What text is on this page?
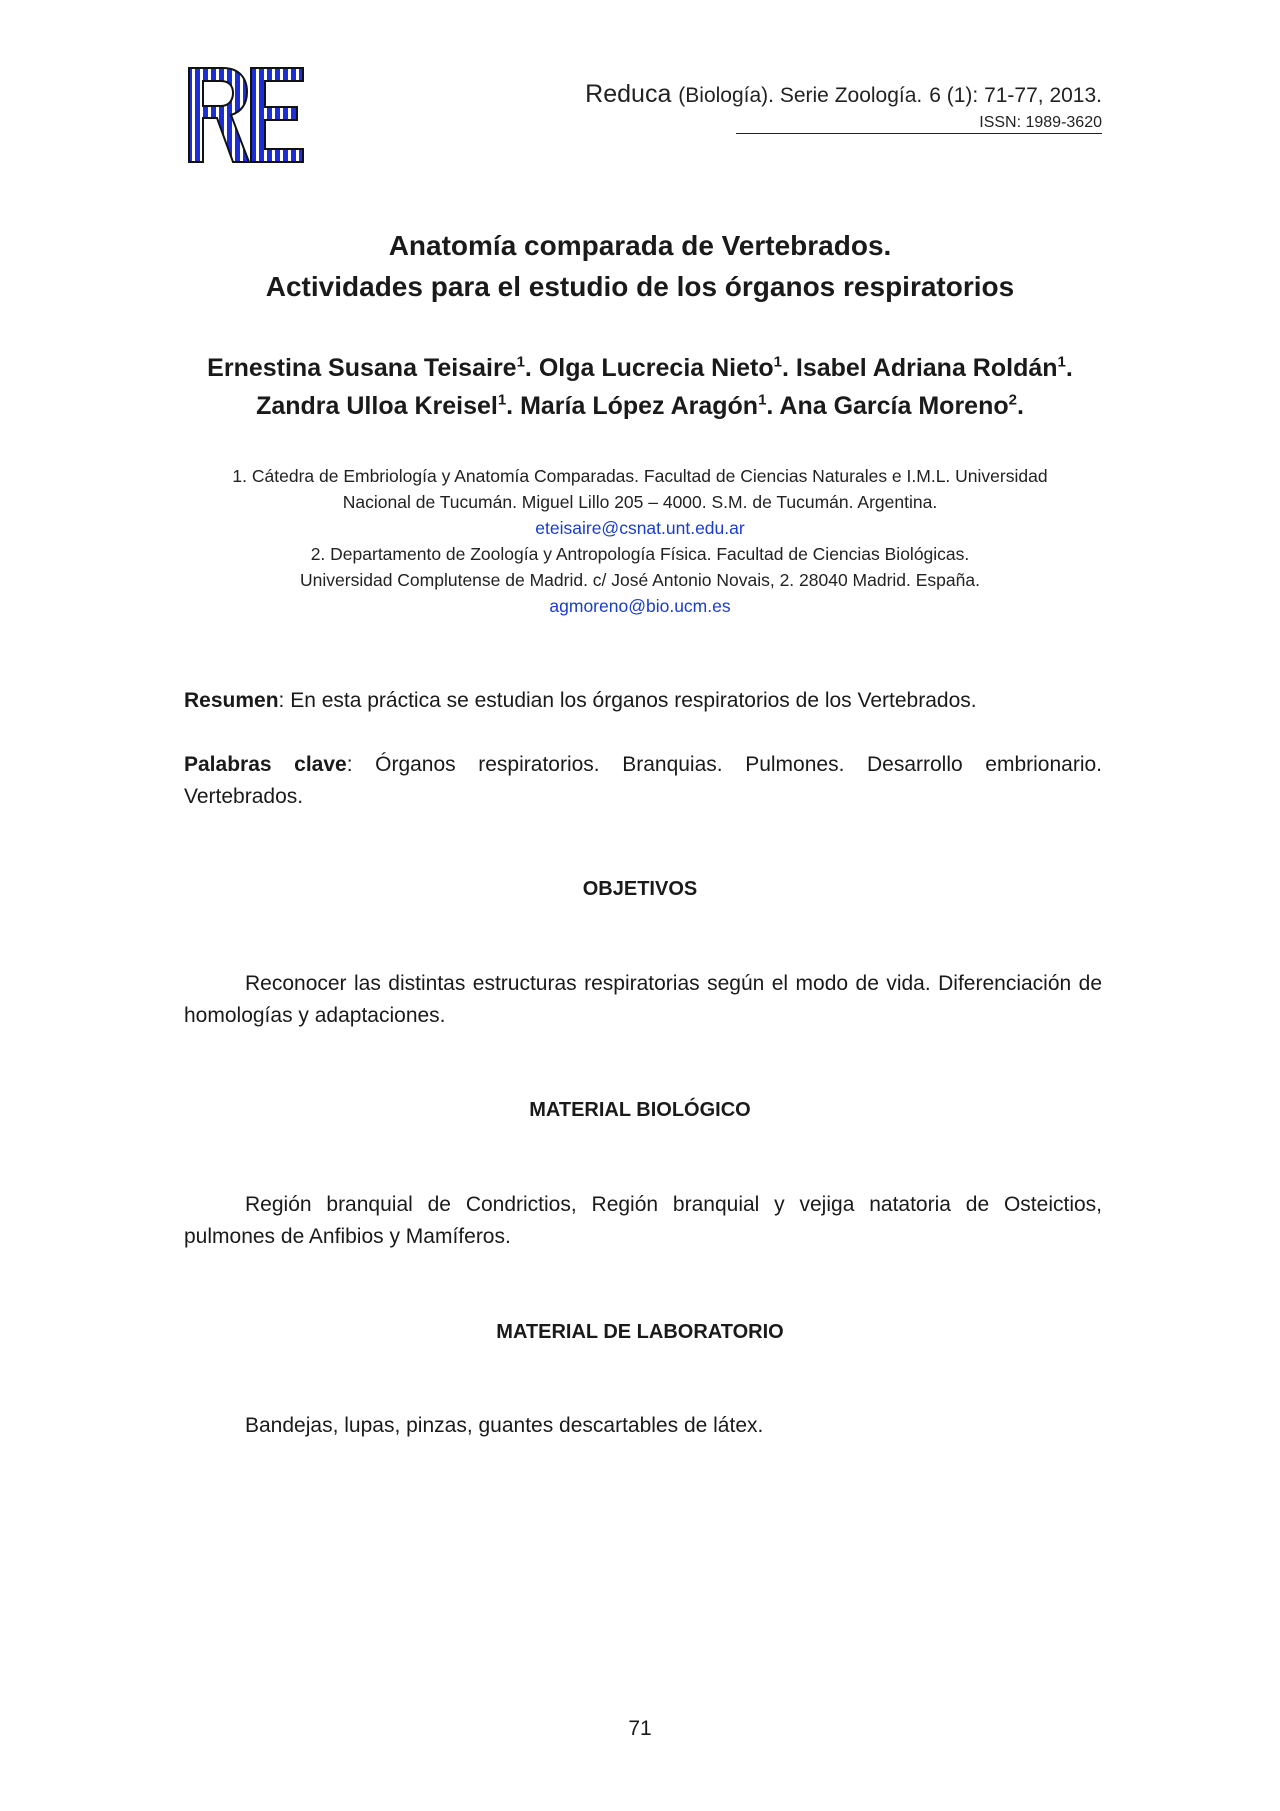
Reduca (Biología). Serie Zoología. 6 (1): 71-77, 2013.
ISSN: 1989-3620
Anatomía comparada de Vertebrados.
Actividades para el estudio de los órganos respiratorios
Ernestina Susana Teisaire$^1$. Olga Lucrecia Nieto$^1$. Isabel Adriana Roldán$^1$.
Zandra Ulloa Kreisel$^1$. María López Aragón$^1$. Ana García Moreno$^2$.
1. Cátedra de Embriología y Anatomía Comparadas. Facultad de Ciencias Naturales e I.M.L. Universidad
Nacional de Tucumán. Miguel Lillo 205 – 4000. S.M. de Tucumán. Argentina.
eteisaire@csnat.unt.edu.ar
2. Departamento de Zoología y Antropología Física. Facultad de Ciencias Biológicas.
Universidad Complutense de Madrid. c/ José Antonio Novais, 2. 28040 Madrid. España.
agmoreno@bio.ucm.es
Resumen: En esta práctica se estudian los órganos respiratorios de los Vertebrados.
Palabras clave: Órganos respiratorios. Branquias. Pulmones. Desarrollo embrionario. Vertebrados.
OBJETIVOS
Reconocer las distintas estructuras respiratorias según el modo de vida. Diferenciación de homologías y adaptaciones.
MATERIAL BIOLÓGICO
Región branquial de Condrictios, Región branquial y vejiga natatoria de Osteictios, pulmones de Anfibios y Mamíferos.
MATERIAL DE LABORATORIO
Bandejas, lupas, pinzas, guantes descartables de látex.
71
